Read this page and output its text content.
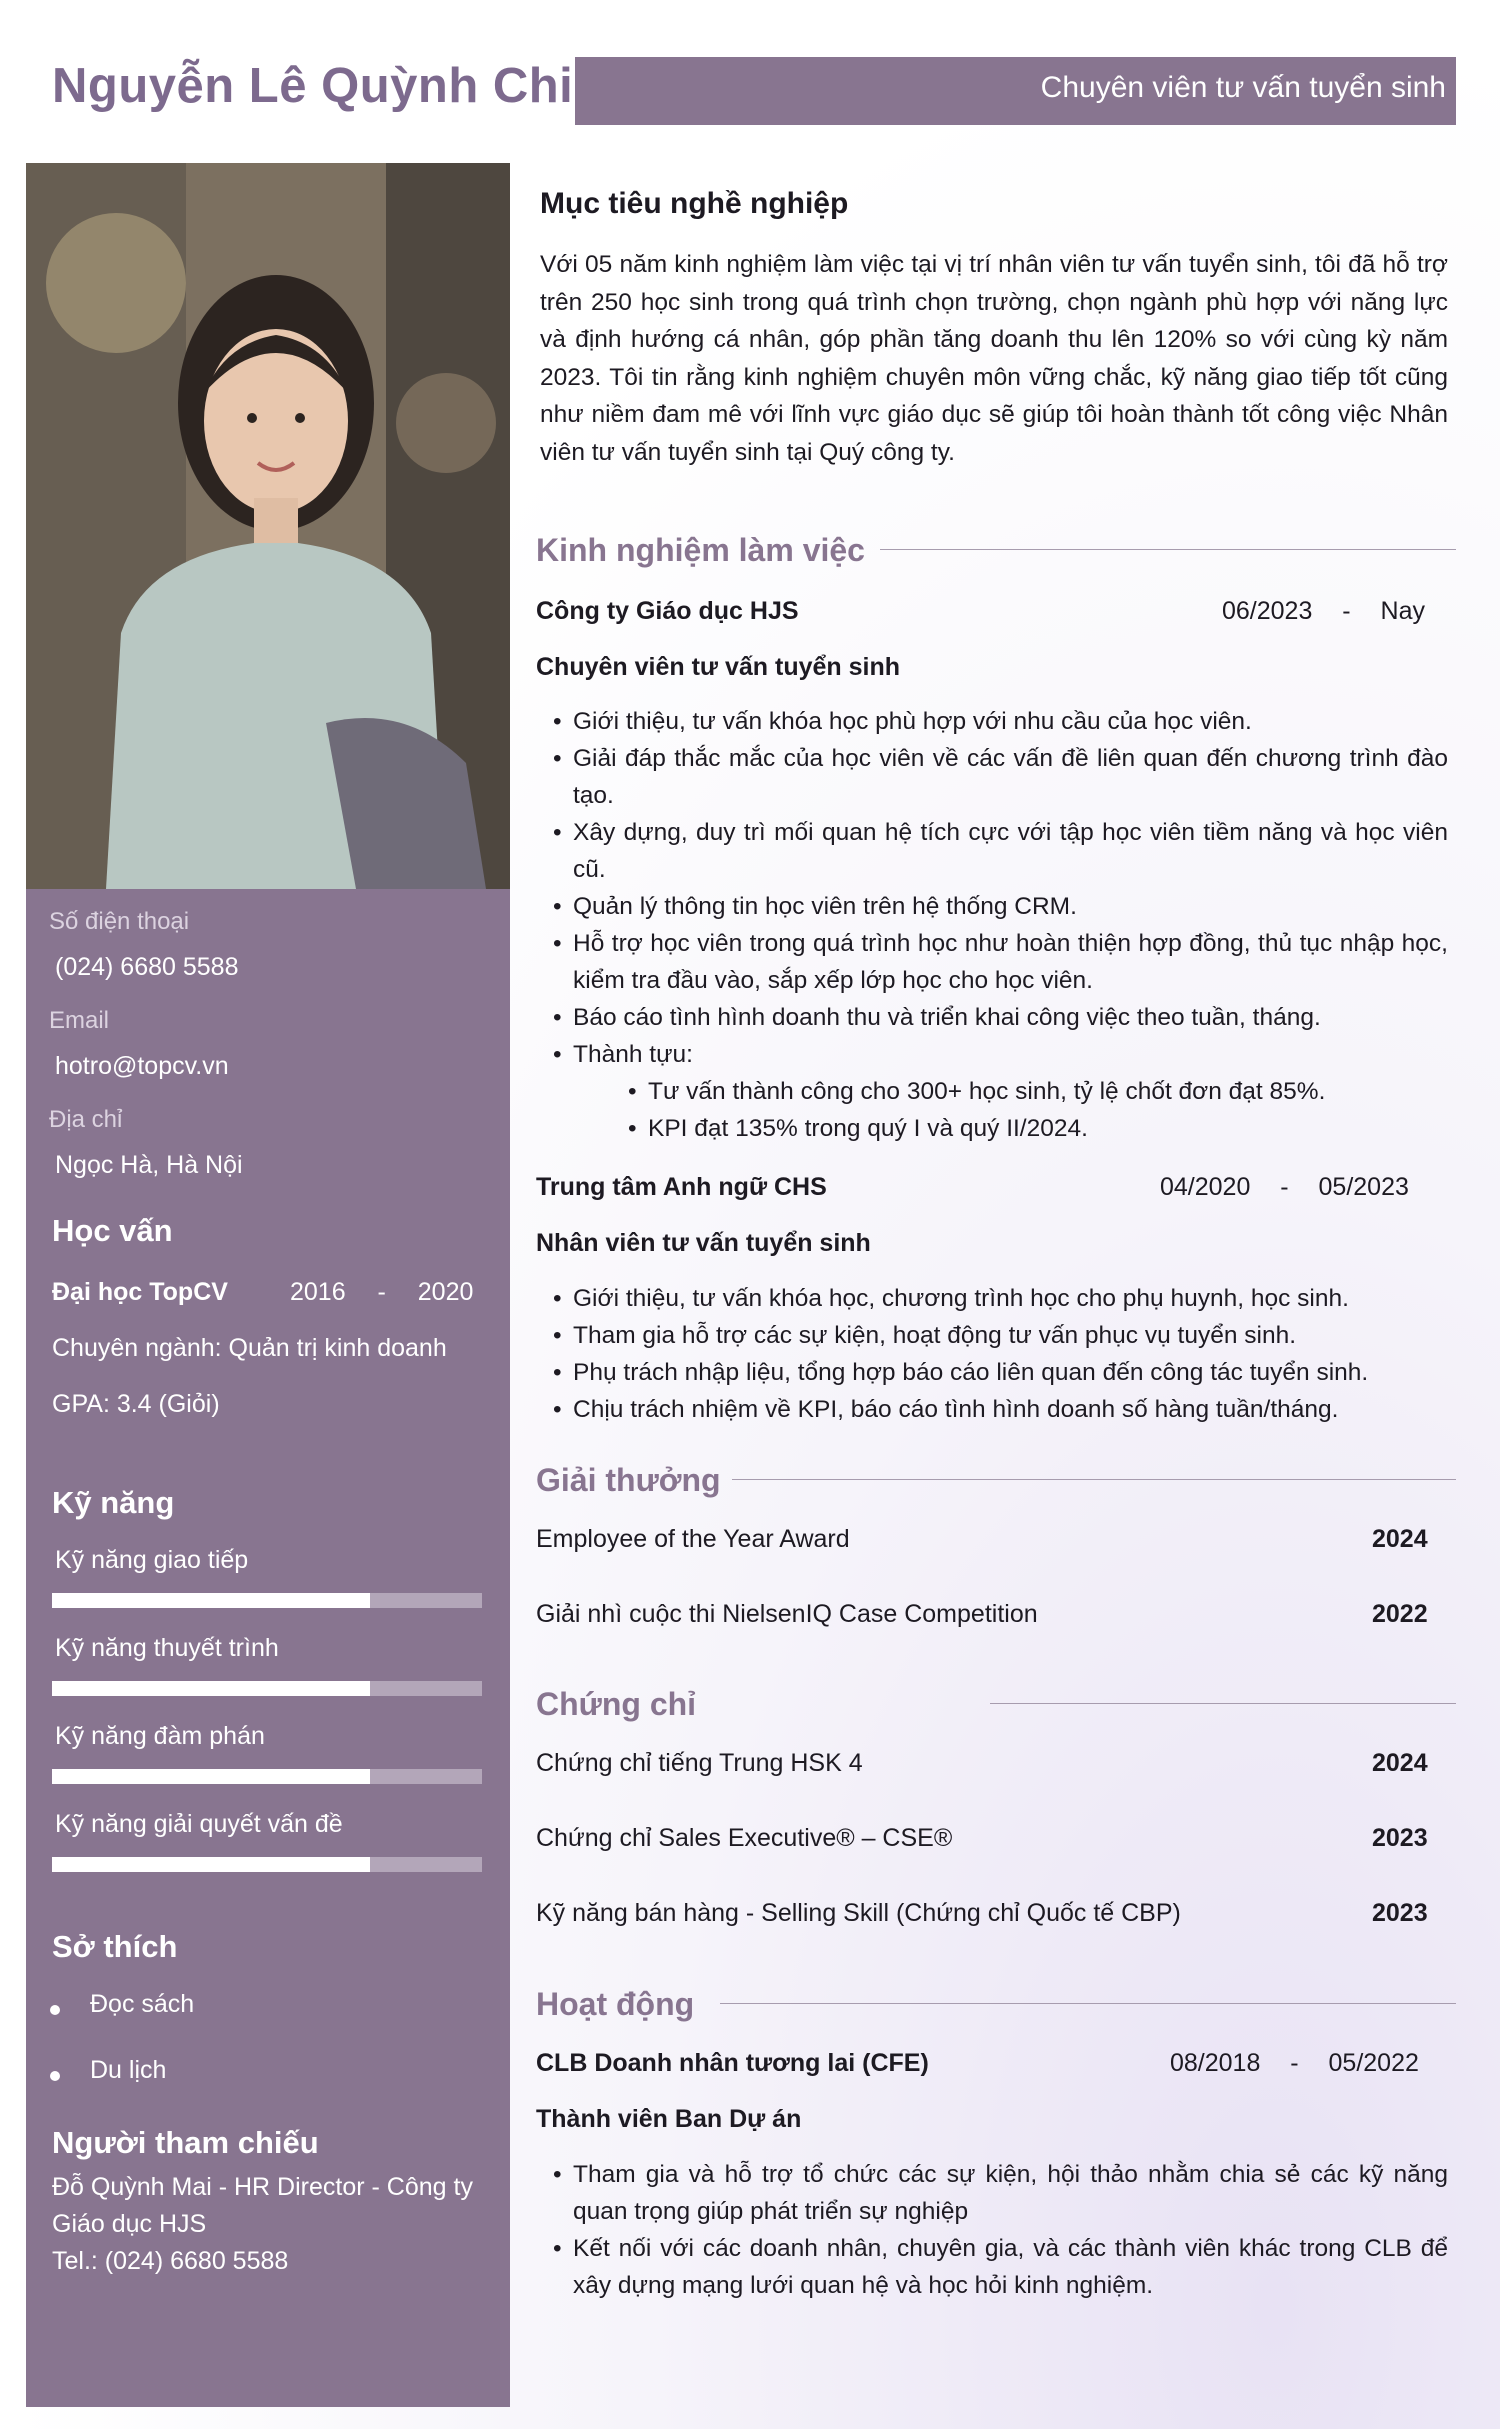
Nguyễn Lê Quỳnh Chi	Chuyên viên tư vấn tuyển sinh
Số điện thoại
(024) 6680 5588
Email
hotro@topcv.vn
Địa chỉ
Ngọc Hà, Hà Nội
Học vấn
Đại học TopCV 2016 - 2020
Chuyên ngành: Quản trị kinh doanh
GPA: 3.4 (Giỏi)
Kỹ năng
Kỹ năng giao tiếp
Kỹ năng thuyết trình
Kỹ năng đàm phán
Kỹ năng giải quyết vấn đề
Sở thích
Đọc sách
Du lịch
Người tham chiếu
Đỗ Quỳnh Mai - HR Director - Công ty Giáo dục HJS
Tel.: (024) 6680 5588
Mục tiêu nghề nghiệp
Với 05 năm kinh nghiệm làm việc tại vị trí nhân viên tư vấn tuyển sinh, tôi đã hỗ trợ trên 250 học sinh trong quá trình chọn trường, chọn ngành phù hợp với năng lực và định hướng cá nhân, góp phần tăng doanh thu lên 120% so với cùng kỳ năm 2023. Tôi tin rằng kinh nghiệm chuyên môn vững chắc, kỹ năng giao tiếp tốt cũng như niềm đam mê với lĩnh vực giáo dục sẽ giúp tôi hoàn thành tốt công việc Nhân viên tư vấn tuyển sinh tại Quý công ty.
Kinh nghiệm làm việc
Công ty Giáo dục HJS	06/2023 - Nay
Chuyên viên tư vấn tuyển sinh
• Giới thiệu, tư vấn khóa học phù hợp với nhu cầu của học viên.
• Giải đáp thắc mắc của học viên về các vấn đề liên quan đến chương trình đào tạo.
• Xây dựng, duy trì mối quan hệ tích cực với tập học viên tiềm năng và học viên cũ.
• Quản lý thông tin học viên trên hệ thống CRM.
• Hỗ trợ học viên trong quá trình học như hoàn thiện hợp đồng, thủ tục nhập học, kiểm tra đầu vào, sắp xếp lớp học cho học viên.
• Báo cáo tình hình doanh thu và triển khai công việc theo tuần, tháng.
• Thành tựu:
• Tư vấn thành công cho 300+ học sinh, tỷ lệ chốt đơn đạt 85%.
• KPI đạt 135% trong quý I và quý II/2024.
Trung tâm Anh ngữ CHS	04/2020 - 05/2023
Nhân viên tư vấn tuyển sinh
• Giới thiệu, tư vấn khóa học, chương trình học cho phụ huynh, học sinh.
• Tham gia hỗ trợ các sự kiện, hoạt động tư vấn phục vụ tuyển sinh.
• Phụ trách nhập liệu, tổng hợp báo cáo liên quan đến công tác tuyển sinh.
• Chịu trách nhiệm về KPI, báo cáo tình hình doanh số hàng tuần/tháng.
Giải thưởng
Employee of the Year Award	2024
Giải nhì cuộc thi NielsenIQ Case Competition	2022
Chứng chỉ
Chứng chỉ tiếng Trung HSK 4	2024
Chứng chỉ Sales Executive® – CSE®	2023
Kỹ năng bán hàng - Selling Skill (Chứng chỉ Quốc tế CBP)	2023
Hoạt động
CLB Doanh nhân tương lai (CFE)	08/2018 - 05/2022
Thành viên Ban Dự án
• Tham gia và hỗ trợ tổ chức các sự kiện, hội thảo nhằm chia sẻ các kỹ năng quan trọng giúp phát triển sự nghiệp
• Kết nối với các doanh nhân, chuyên gia, và các thành viên khác trong CLB để xây dựng mạng lưới quan hệ và học hỏi kinh nghiệm.
